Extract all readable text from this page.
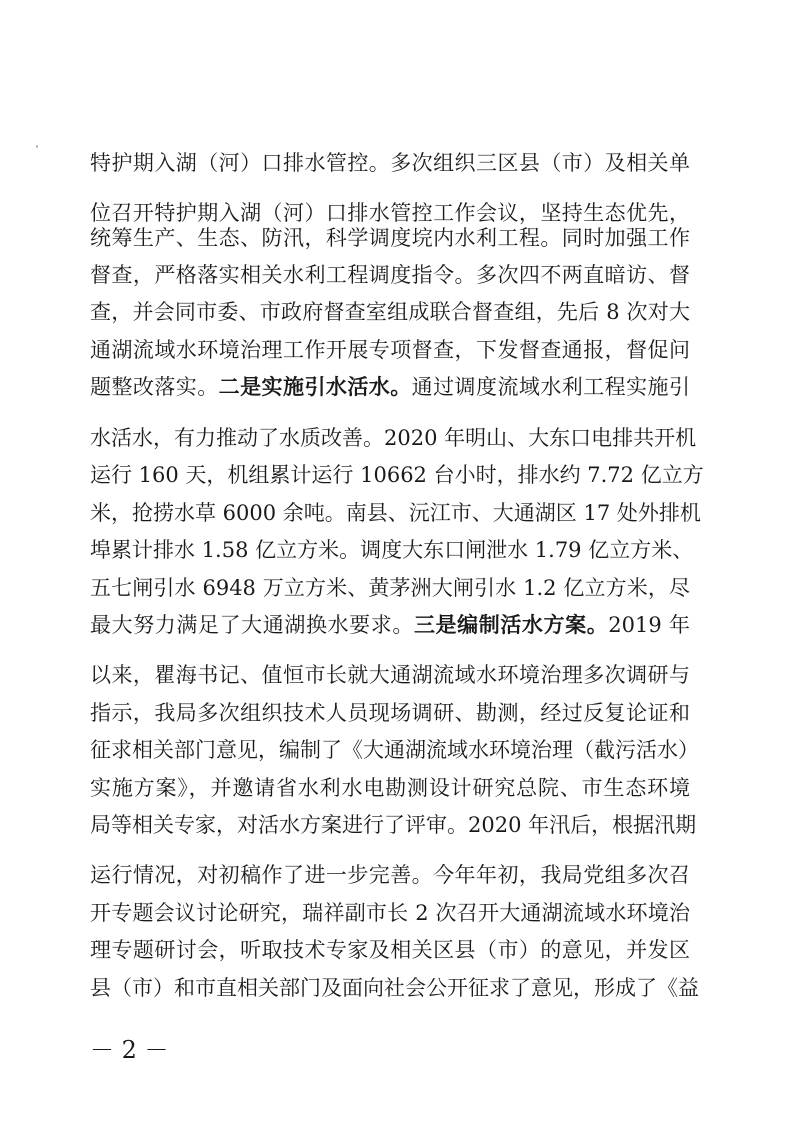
特护期入湖（河）口排水管控。多次组织三区县（市）及相关单
位召开特护期入湖（河）口排水管控工作会议，坚持生态优先，
统筹生产、生态、防汛，科学调度垸内水利工程。同时加强工作
督查，严格落实相关水利工程调度指令。多次四不两直暗访、督
查，并会同市委、市政府督查室组成联合督查组，先后 8 次对大
通湖流域水环境治理工作开展专项督查，下发督查通报，督促问
题整改落实。二是实施引水活水。通过调度流域水利工程实施引
水活水，有力推动了水质改善。2020 年明山、大东口电排共开机
运行 160 天，机组累计运行 10662 台小时，排水约 7.72 亿立方
米，抢捞水草 6000 余吨。南县、沅江市、大通湖区 17 处外排机
埠累计排水 1.58 亿立方米。调度大东口闸泄水 1.79 亿立方米、
五七闸引水 6948 万立方米、黄茅洲大闸引水 1.2 亿立方米，尽
最大努力满足了大通湖换水要求。三是编制活水方案。2019 年
以来，瞿海书记、值恒市长就大通湖流域水环境治理多次调研与
指示，我局多次组织技术人员现场调研、勘测，经过反复论证和
征求相关部门意见，编制了《大通湖流域水环境治理（截污活水）
实施方案》，并邀请省水利水电勘测设计研究总院、市生态环境
局等相关专家，对活水方案进行了评审。2020 年汛后，根据汛期
运行情况，对初稿作了进一步完善。今年年初，我局党组多次召
开专题会议讨论研究，瑞祥副市长 2 次召开大通湖流域水环境治
理专题研讨会，听取技术专家及相关区县（市）的意见，并发区
县（市）和市直相关部门及面向社会公开征求了意见，形成了《益
－ 2 －
